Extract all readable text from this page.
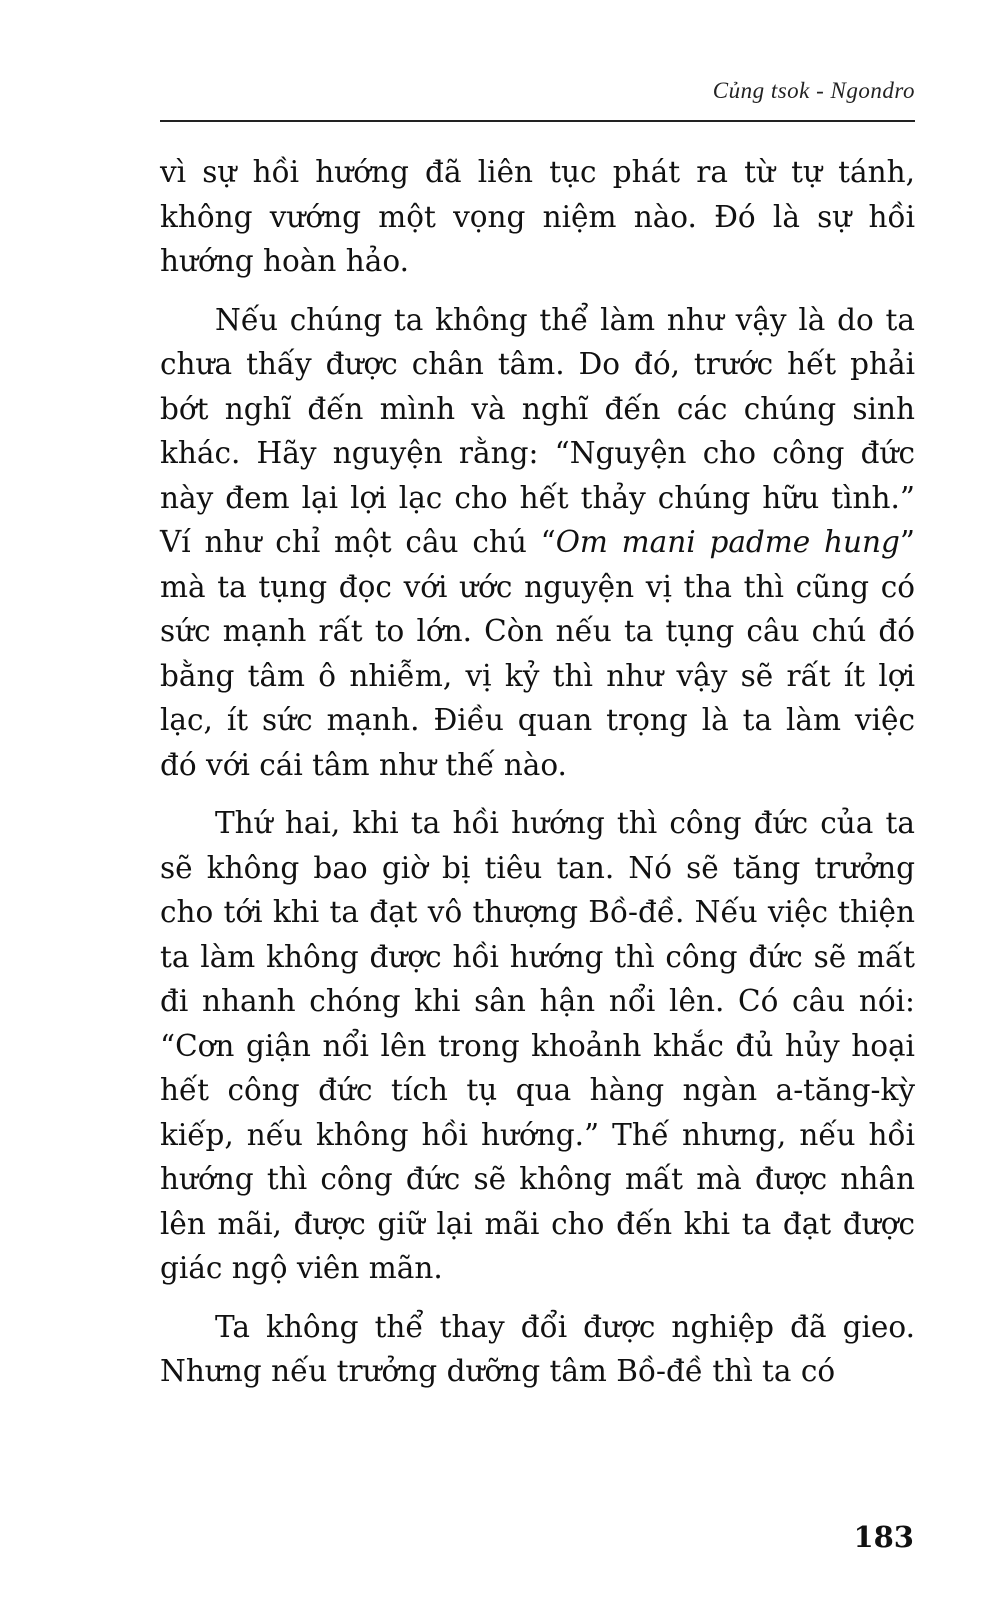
Củng tsok - Ngondro

vì sự hồi hướng đã liên tục phát ra từ tự tánh, không vướng một vọng niệm nào. Đó là sự hồi hướng hoàn hảo.

Nếu chúng ta không thể làm như vậy là do ta chưa thấy được chân tâm. Do đó, trước hết phải bớt nghĩ đến mình và nghĩ đến các chúng sinh khác. Hãy nguyện rằng: “Nguyện cho công đức này đem lại lợi lạc cho hết thảy chúng hữu tình.” Ví như chỉ một câu chú “Om mani padme hung” mà ta tụng đọc với ước nguyện vị tha thì cũng có sức mạnh rất to lớn. Còn nếu ta tụng câu chú đó bằng tâm ô nhiễm, vị kỷ thì như vậy sẽ rất ít lợi lạc, ít sức mạnh. Điều quan trọng là ta làm việc đó với cái tâm như thế nào.

Thứ hai, khi ta hồi hướng thì công đức của ta sẽ không bao giờ bị tiêu tan. Nó sẽ tăng trưởng cho tới khi ta đạt vô thượng Bồ-đề. Nếu việc thiện ta làm không được hồi hướng thì công đức sẽ mất đi nhanh chóng khi sân hận nổi lên. Có câu nói: “Cơn giận nổi lên trong khoảnh khắc đủ hủy hoại hết công đức tích tụ qua hàng ngàn a-tăng-kỳ kiếp, nếu không hồi hướng.” Thế nhưng, nếu hồi hướng thì công đức sẽ không mất mà được nhân lên mãi, được giữ lại mãi cho đến khi ta đạt được giác ngộ viên mãn.

Ta không thể thay đổi được nghiệp đã gieo. Nhưng nếu trưởng dưỡng tâm Bồ-đề thì ta có

183
